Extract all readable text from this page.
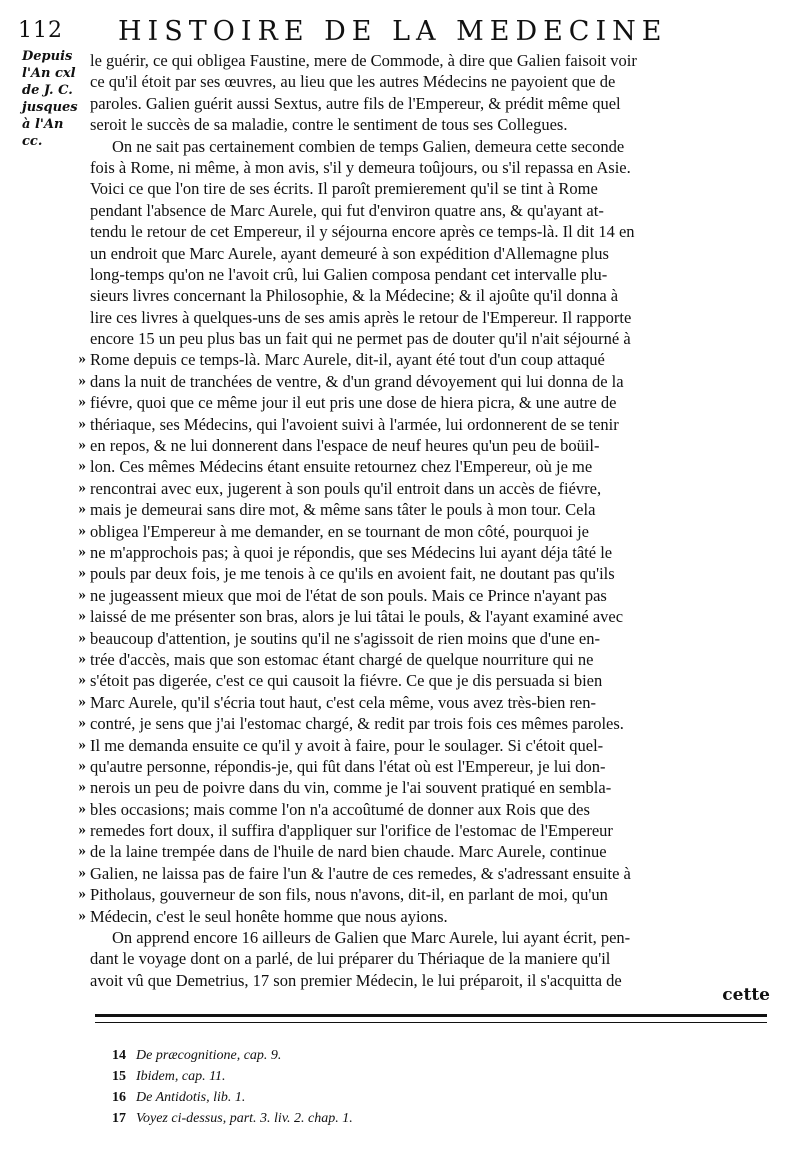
112 HISTOIRE DE LA MEDECINE
Depuis
l'An cxl
de J. C.
jusques
à l'An
cc.
le guérir, ce qui obligea Faustine, mere de Commode, à dire que Galien faisoit voir
ce qu'il étoit par ses œuvres, au lieu que les autres Médecins ne payoient que de
paroles. Galien guérit aussi Sextus, autre fils de l'Empereur, & prédit même quel
seroit le succès de sa maladie, contre le sentiment de tous ses Collegues.
On ne sait pas certainement combien de temps Galien, demeura cette seconde
fois à Rome, ni même, à mon avis, s'il y demeura toûjours, ou s'il repassa en Asie.
Voici ce que l'on tire de ses écrits. Il paroît premierement qu'il se tint à Rome
pendant l'absence de Marc Aurele, qui fut d'environ quatre ans, & qu'ayant at-
tendu le retour de cet Empereur, il y séjourna encore après ce temps-là. Il dit 14 en
un endroit que Marc Aurele, ayant demeuré à son expédition d'Allemagne plus
long-temps qu'on ne l'avoit crû, lui Galien composa pendant cet intervalle plu-
sieurs livres concernant la Philosophie, & la Médecine; & il ajoûte qu'il donna à
lire ces livres à quelques-uns de ses amis après le retour de l'Empereur. Il rapporte
encore 15 un peu plus bas un fait qui ne permet pas de douter qu'il n'ait séjourné à
» Rome depuis ce temps-là. Marc Aurele, dit-il, ayant été tout d'un coup attaqué
» dans la nuit de tranchées de ventre, & d'un grand dévoyement qui lui donna de la
» fiévre, quoi que ce même jour il eut pris une dose de hiera picra, & une autre de
» thériaque, ses Médecins, qui l'avoient suivi à l'armée, lui ordonnerent de se tenir
» en repos, & ne lui donnerent dans l'espace de neuf heures qu'un peu de boüil-
» lon. Ces mêmes Médecins étant ensuite retournez chez l'Empereur, où je me
» rencontrai avec eux, jugerent à son pouls qu'il entroit dans un accès de fiévre,
» mais je demeurai sans dire mot, & même sans tâter le pouls à mon tour. Cela
» obligea l'Empereur à me demander, en se tournant de mon côté, pourquoi je
» ne m'approchois pas; à quoi je répondis, que ses Médecins lui ayant déja tâté le
» pouls par deux fois, je me tenois à ce qu'ils en avoient fait, ne doutant pas qu'ils
» ne jugeassent mieux que moi de l'état de son pouls. Mais ce Prince n'ayant pas
» laissé de me présenter son bras, alors je lui tâtai le pouls, & l'ayant examiné avec
» beaucoup d'attention, je soutins qu'il ne s'agissoit de rien moins que d'une en-
» trée d'accès, mais que son estomac étant chargé de quelque nourriture qui ne
» s'étoit pas digerée, c'est ce qui causoit la fiévre. Ce que je dis persuada si bien
» Marc Aurele, qu'il s'écria tout haut, c'est cela même, vous avez très-bien ren-
» contré, je sens que j'ai l'estomac chargé, & redit par trois fois ces mêmes paroles.
» Il me demanda ensuite ce qu'il y avoit à faire, pour le soulager. Si c'étoit quel-
» qu'autre personne, répondis-je, qui fût dans l'état où est l'Empereur, je lui don-
» nerois un peu de poivre dans du vin, comme je l'ai souvent pratiqué en sembla-
» bles occasions; mais comme l'on n'a accoûtumé de donner aux Rois que des
» remedes fort doux, il suffira d'appliquer sur l'orifice de l'estomac de l'Empereur
» de la laine trempée dans de l'huile de nard bien chaude. Marc Aurele, continue
» Galien, ne laissa pas de faire l'un & l'autre de ces remedes, & s'adressant ensuite à
» Pitholaus, gouverneur de son fils, nous n'avons, dit-il, en parlant de moi, qu'un
» Médecin, c'est le seul honête homme que nous ayions.
On apprend encore 16 ailleurs de Galien que Marc Aurele, lui ayant écrit, pen-
dant le voyage dont on a parlé, de lui préparer du Thériaque de la maniere qu'il
avoit vû que Demetrius, 17 son premier Médecin, le lui préparoit, il s'acquitta de
cette
14 De præcognitione, cap. 9.
15 Ibidem, cap. 11.
16 De Antidotis, lib. 1.
17 Voyez ci-dessus, part. 3. liv. 2. chap. 1.
